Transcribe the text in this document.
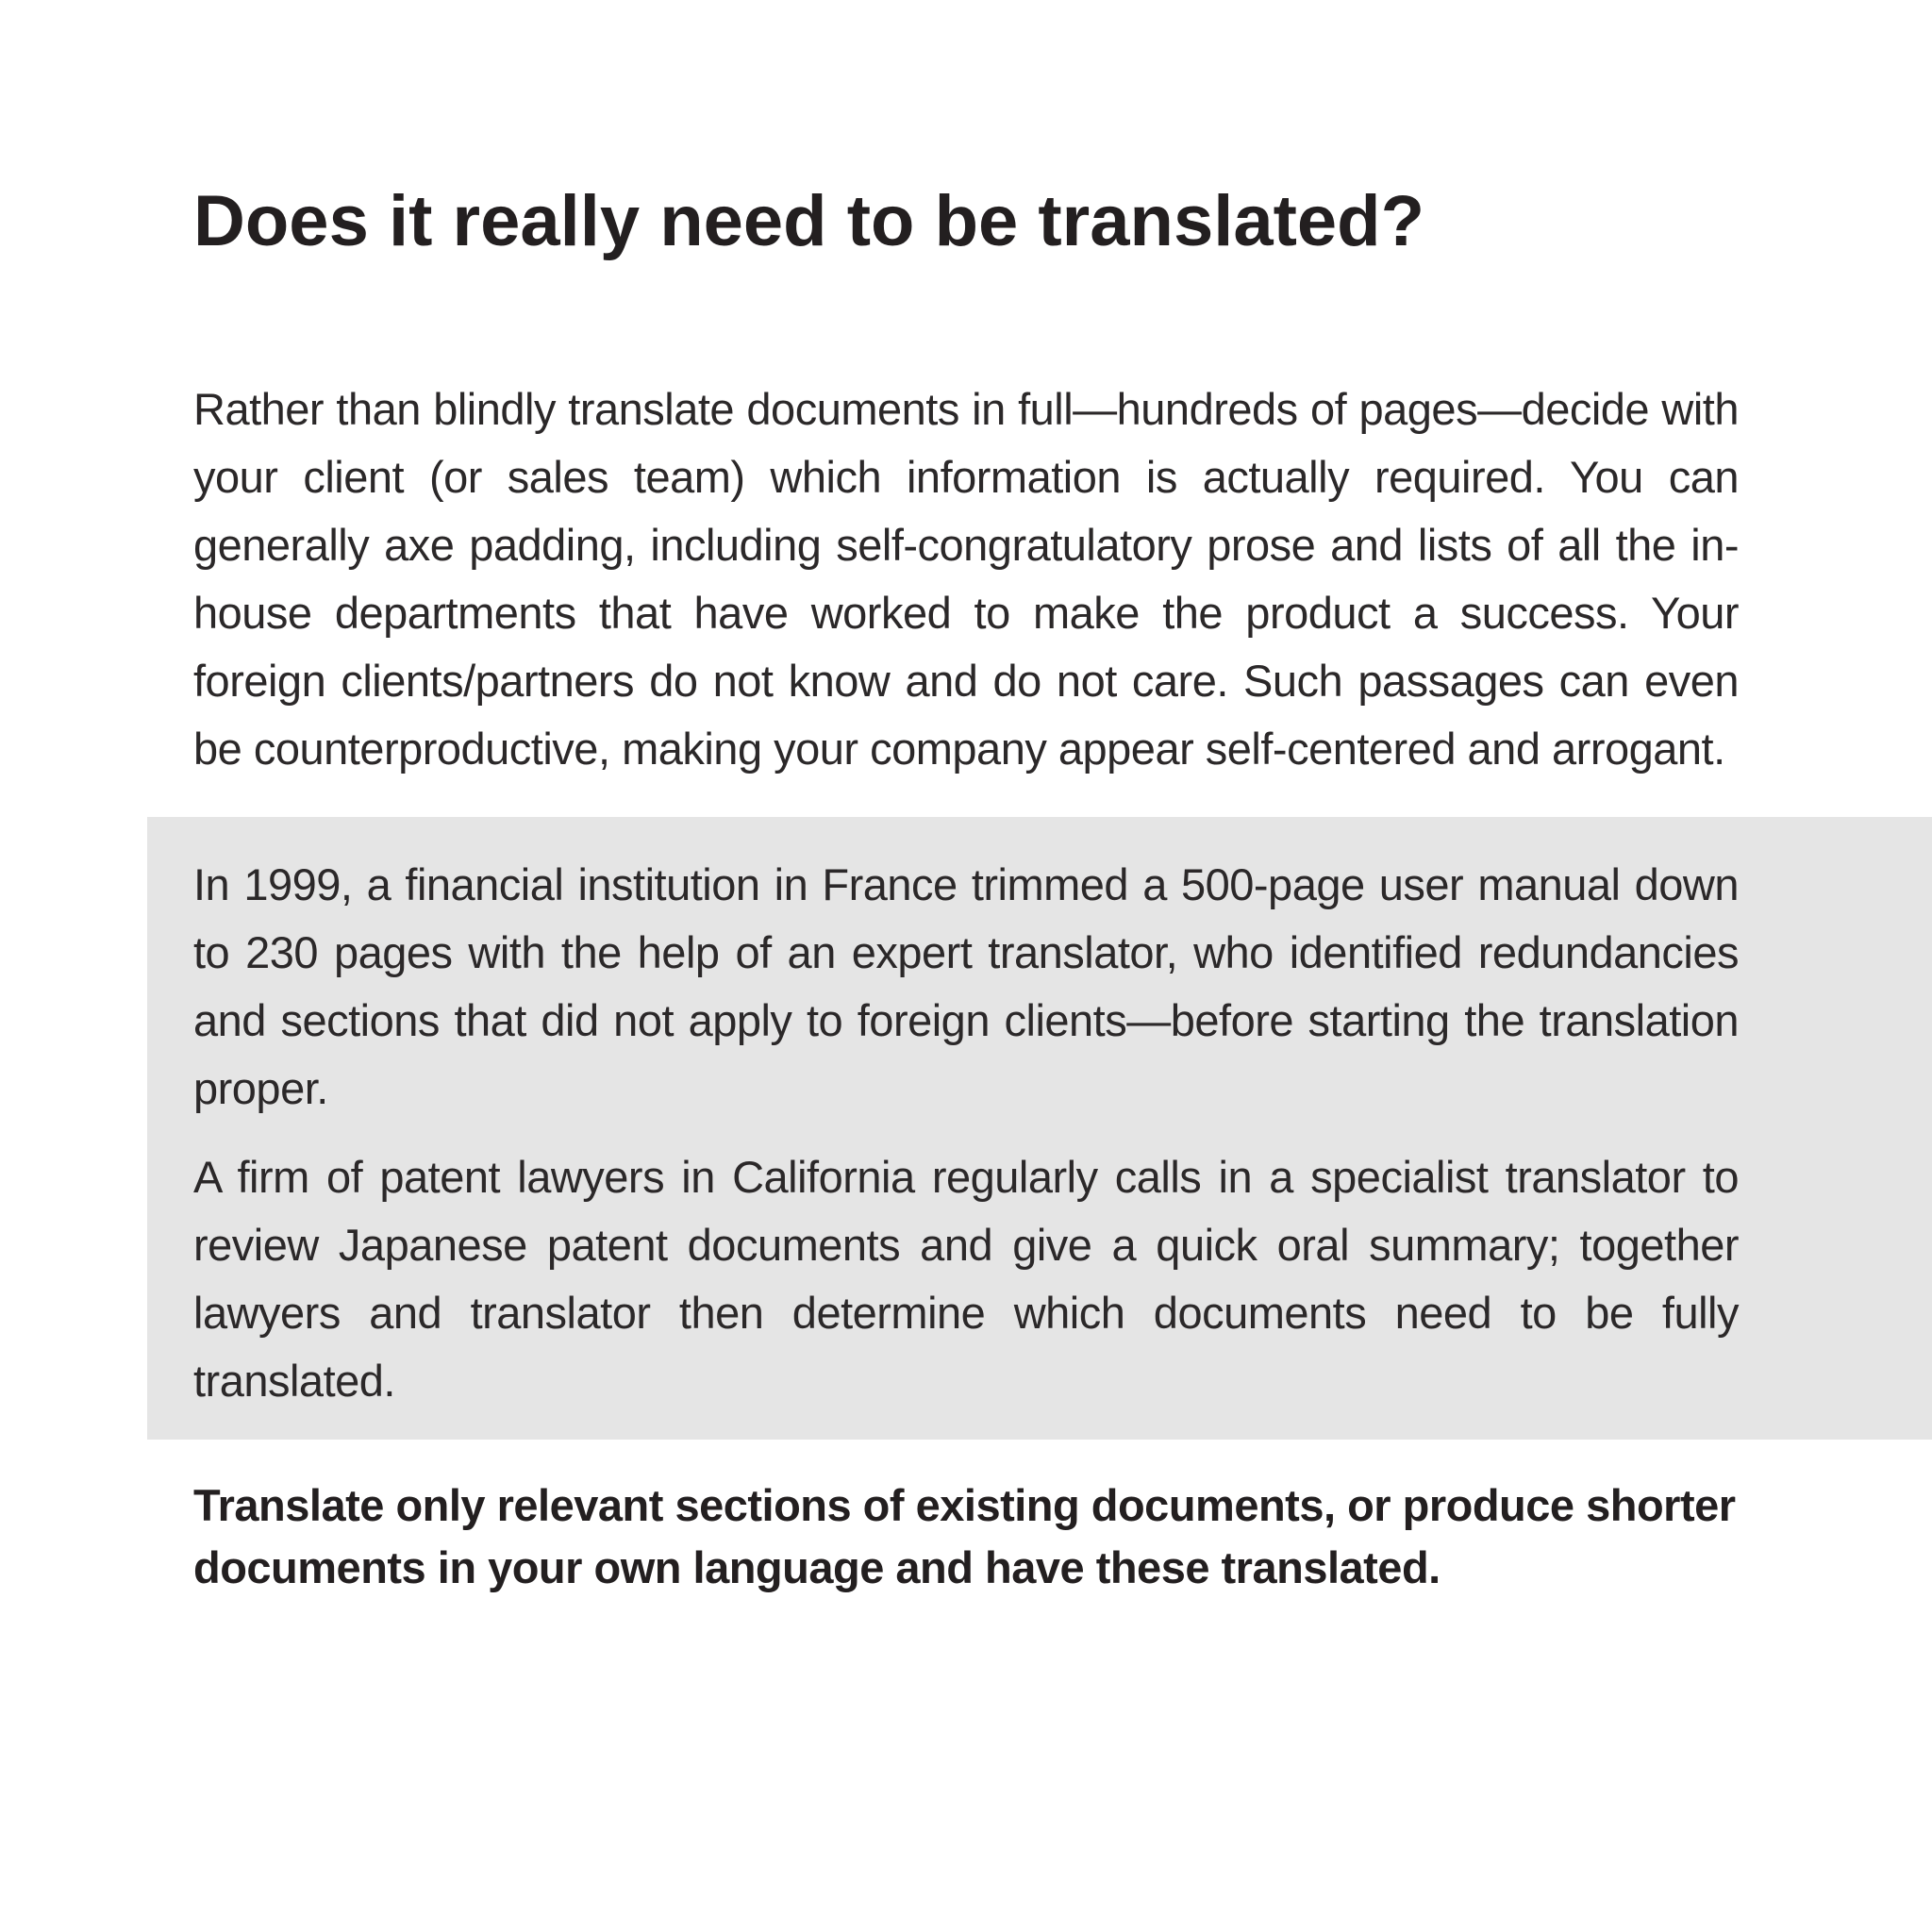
Does it really need to be translated?

Rather than blindly translate documents in full—hundreds of pages—decide with your client (or sales team) which information is actually required. You can generally axe padding, including self-congratulatory prose and lists of all the in-house departments that have worked to make the product a success. Your foreign clients/partners do not know and do not care. Such passages can even be counterproductive, making your company appear self-centered and arrogant.

In 1999, a financial institution in France trimmed a 500-page user manual down to 230 pages with the help of an expert translator, who identified redundancies and sections that did not apply to foreign clients—before starting the translation proper.

A firm of patent lawyers in California regularly calls in a specialist translator to review Japanese patent documents and give a quick oral summary; together lawyers and translator then determine which documents need to be fully translated.

Translate only relevant sections of existing documents, or produce shorter documents in your own language and have these translated.
